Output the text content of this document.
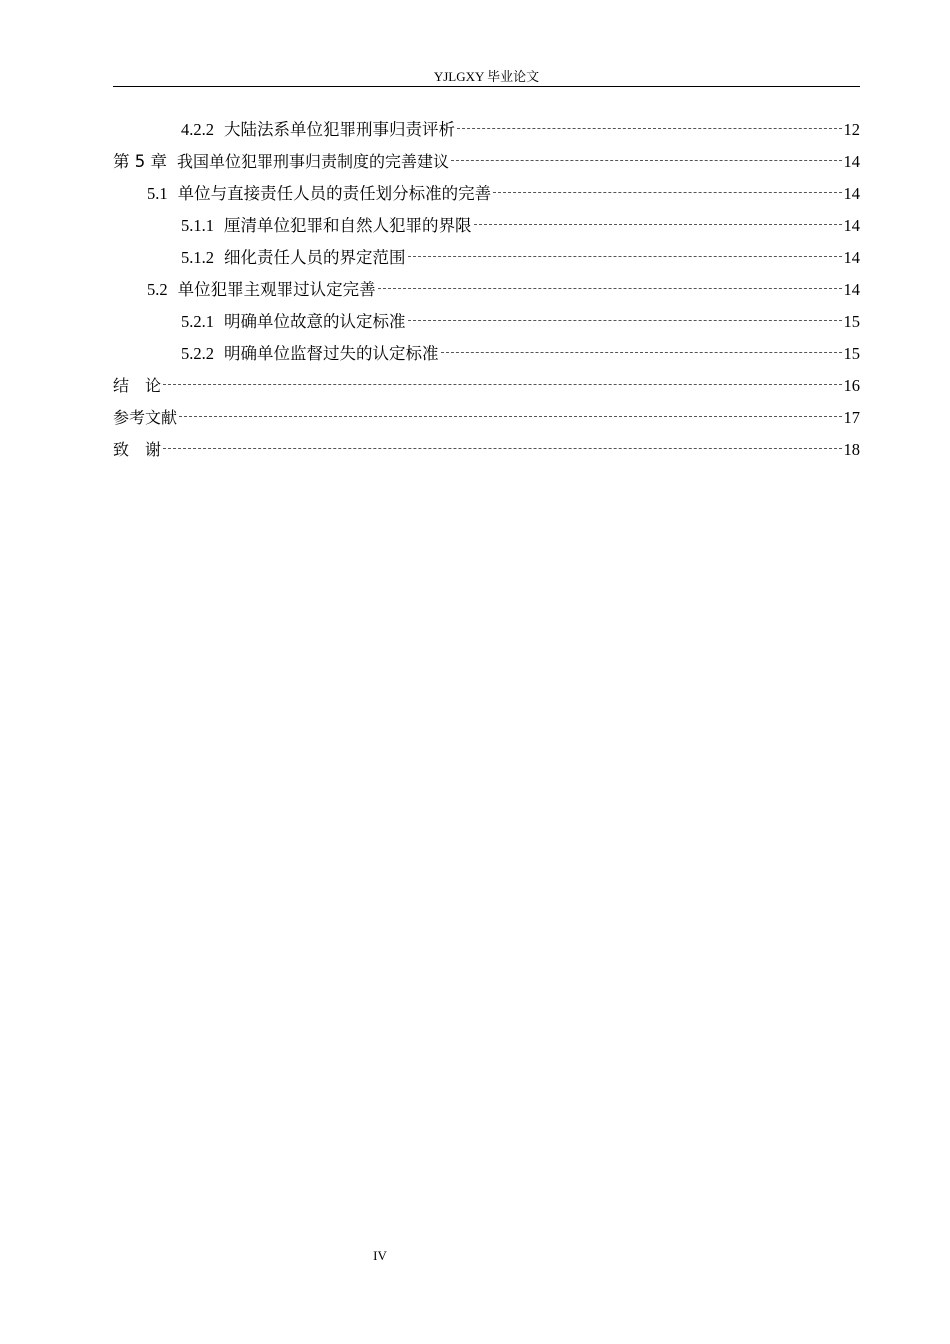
YJLGXY 毕业论文
4.2.2 大陆法系单位犯罪刑事归责评析	12
第 5 章 我国单位犯罪刑事归责制度的完善建议	14
5.1 单位与直接责任人员的责任划分标准的完善	14
5.1.1 厘清单位犯罪和自然人犯罪的界限	14
5.1.2 细化责任人员的界定范围	14
5.2 单位犯罪主观罪过认定完善	14
5.2.1 明确单位故意的认定标准	15
5.2.2 明确单位监督过失的认定标准	15
结　论	16
参考文献	17
致　谢	18
IV
